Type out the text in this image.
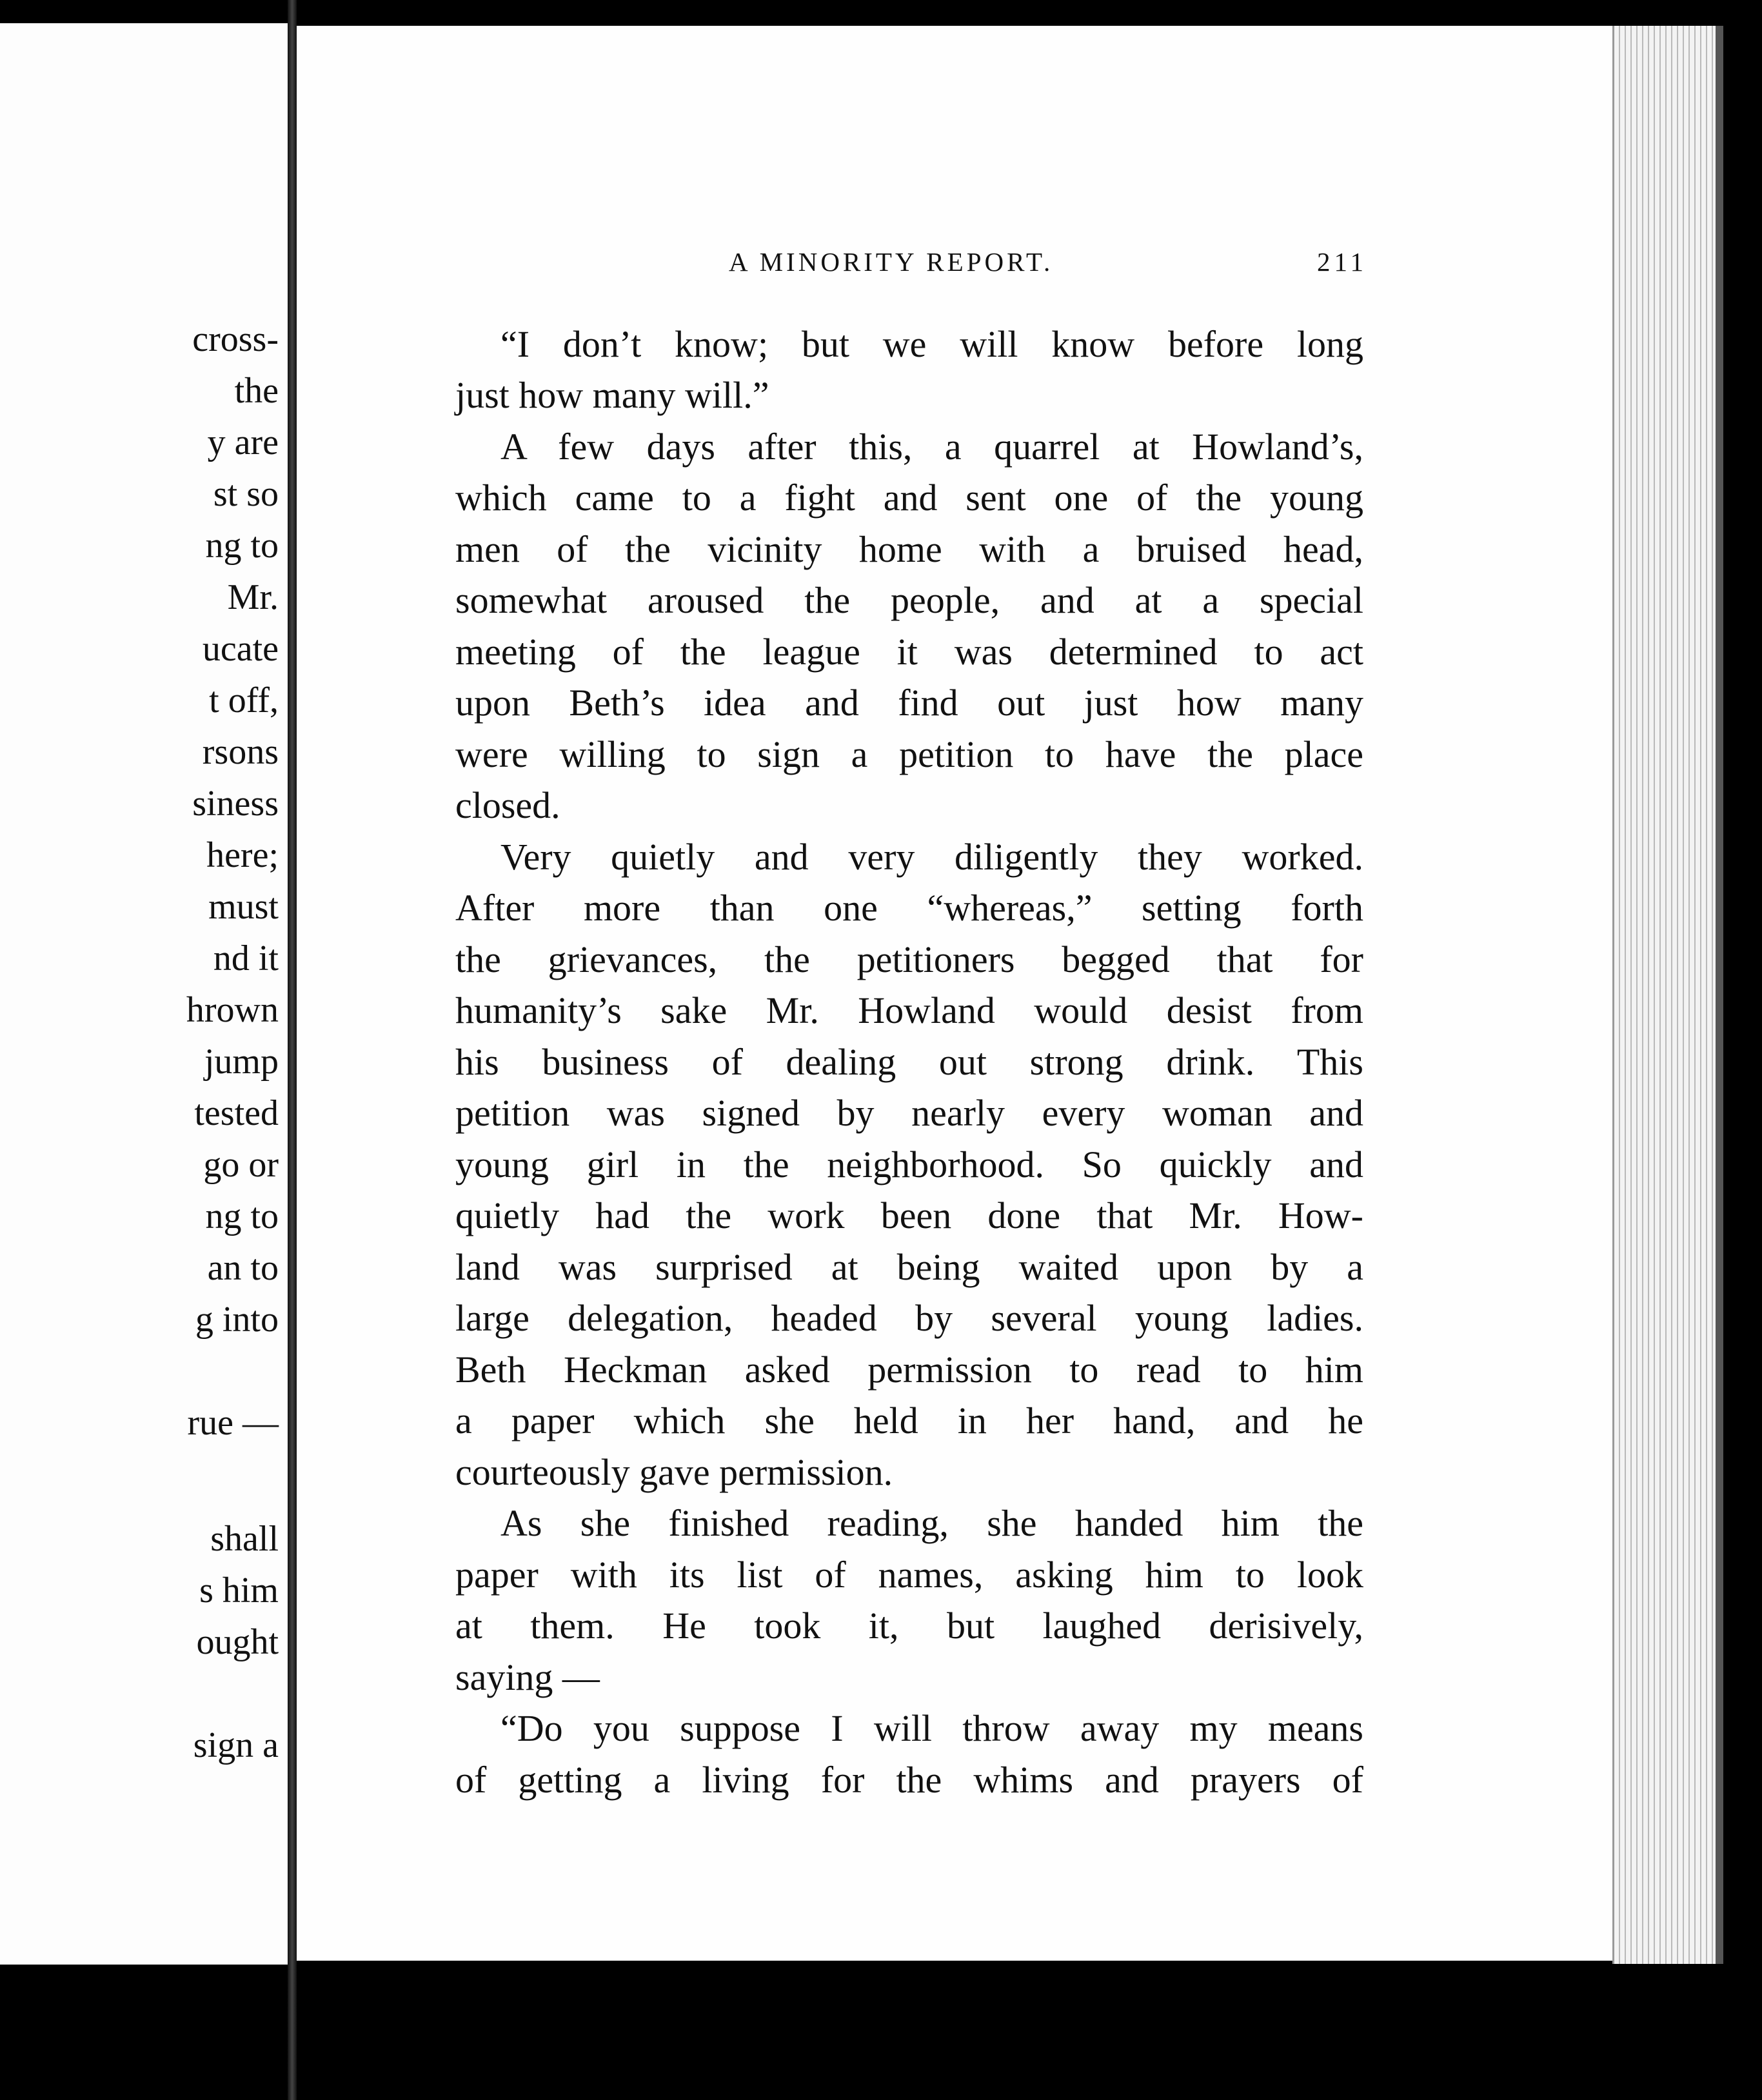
cross-
the
y are
st so
ng to
Mr.
ucate
t off,
rsons
siness
here;
must
nd it
hrown
jump
tested
go or
ng to
an to
g into
rue —
shall
s him
ought
sign a
A MINORITY REPORT.	211
“I don’t know; but we will know before long
just how many will.”
A few days after this, a quarrel at Howland’s,
which came to a fight and sent one of the young
men of the vicinity home with a bruised head,
somewhat aroused the people, and at a special
meeting of the league it was determined to act
upon Beth’s idea and find out just how many
were willing to sign a petition to have the place
closed.
Very quietly and very diligently they worked.
After more than one “whereas,” setting forth
the grievances, the petitioners begged that for
humanity’s sake Mr. Howland would desist from
his business of dealing out strong drink. This
petition was signed by nearly every woman and
young girl in the neighborhood. So quickly and
quietly had the work been done that Mr. How-
land was surprised at being waited upon by a
large delegation, headed by several young ladies.
Beth Heckman asked permission to read to him
a paper which she held in her hand, and he
courteously gave permission.
As she finished reading, she handed him the
paper with its list of names, asking him to look
at them. He took it, but laughed derisively,
saying —
“Do you suppose I will throw away my means
of getting a living for the whims and prayers of
